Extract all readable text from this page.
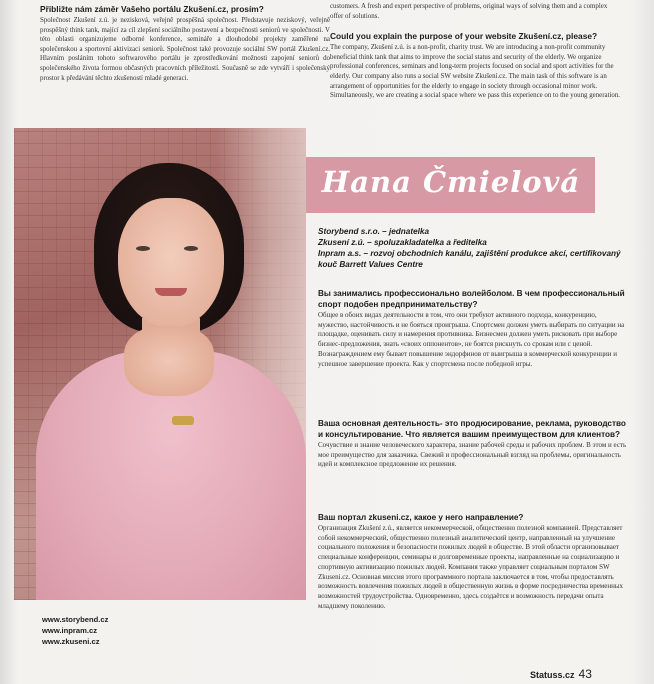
Přibližte nám záměr Vašeho portálu Zkušení.cz, prosím?

Společnost Zkušení z.ú. je nezisková, veřejně prospěšná společnost. Představuje neziskový, veřejně prospěšný think tank, mající za cíl zlepšení sociálního postavení a bezpečnosti seniorů ve společnosti. V této oblasti organizujeme odborné konference, semináře a dlouhodobé projekty zaměřené na společenskou a sportovní aktivizaci seniorů. Společnost také provozuje sociální SW portál Zkušení.cz. Hlavním posláním tohoto softwarového portálu je zprostředkování možnosti zapojení seniorů do společenského života formou občasných pracovních příležitostí. Současně se zde vytváří i společenský prostor k předávání těchto zkušeností mladé generaci.

customers. A fresh and expert perspective of problems, original ways of solving them and a complex offer of solutions.

Could you explain the purpose of your website Zkušení.cz, please?

The company, Zkušení z.ú. is a non-profit, charity trust. We are introducing a non-profit community beneficial think tank that aims to improve the social status and security of the elderly. We organize professional conferences, seminars and long-term projects focused on social and sport activities for the elderly. Our company also runs a social SW website Zkušení.cz. The main task of this software is an arrangement of opportunities for the elderly to engage in society through occasional minor work. Simultaneously, we are creating a social space where we pass this experience on to the young generation.

Hana Čmielová
Storybend s.r.o. – jednatelka
Zkusení z.ú. – spoluzakladatelka a ředitelka
Inpram a.s. – rozvoj obchodních kanálu, zajištění produkce akcí, certifikovaný kouč Barrett Values Centre
Вы занимались профессионально волейболом. В чем профессиональный спорт подобен предпринимательству?

Общее в обоих видах деятельности в том, что они требуют активного подхода, конкуренцию, мужество, настойчивость и не бояться проигрыша. Спортсмен должен уметь выбирать по ситуации на площадке, оценивать силу и намерения противника. Бизнесмен должен уметь рисковать при выборе бизнес-предложения, знать «своих оппонентов», не боятся рискнуть со срокам или с ценой. Вознаграждением ему бывает повышение эндорфинов от выигрыша в коммерческой конкуренции и успешное завершение проекта. Как у спортсмена после победной игры.

Ваша основная деятельность- это продюсирование, реклама, руководство и консультирование. Что является вашим преимуществом для клиентов?

Сочувствие и знание человеческого характера, знание рабочей среды и рабочих проблем. В этом и есть мое преимущество для заказчика. Свежий и профессиональный взгляд на проблемы, оригинальность идей и комплексное предложение их решения.

Ваш портал zkuseni.cz, какое у него направление?

Организация Zkušení z.ú., является некоммерческой, общественно полезной компанией. Представляет собой некоммерческий, общественно полезный аналитический центр, направленный на улучшение социального положения и безопасности пожилых людей в обществе. В этой области организовывает специальные конференции, семинары и долговременные проекты, направленные на социализацию и спортивную активизацию пожилых людей. Компания также управляет социальным порталом SW Zkuseni.cz. Основная миссия этого программного портала заключается в том, чтобы предоставлять возможность вовлечения пожилых людей в общественную жизнь в форме посредничества временных возможностей трудоустройства. Одновременно, здесь создаётся и возможность передачи опыта младшему поколению.

www.storybend.cz
www.inpram.cz
www.zkuseni.cz
Statuss.cz 43
